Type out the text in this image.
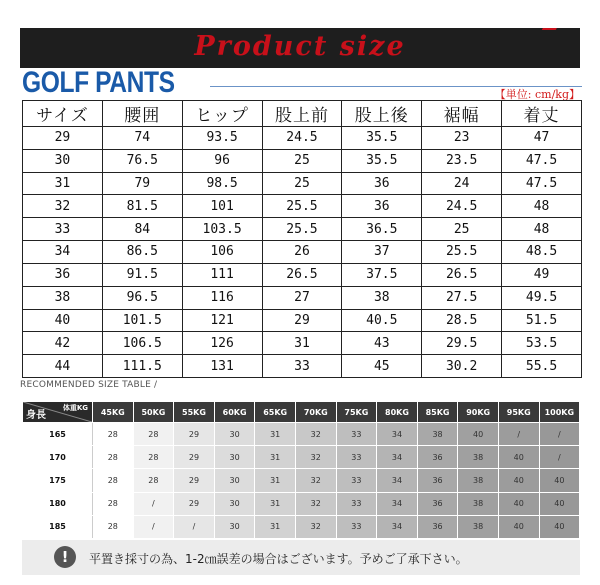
Product size
GOLF PANTS	【単位: cm/kg】
サイズ	腰囲	ヒップ	股上前	股上後	裾幅	着丈
29	74	93.5	24.5	35.5	23	47
30	76.5	96	25	35.5	23.5	47.5
31	79	98.5	25	36	24	47.5
32	81.5	101	25.5	36	24.5	48
33	84	103.5	25.5	36.5	25	48
34	86.5	106	26	37	25.5	48.5
36	91.5	111	26.5	37.5	26.5	49
38	96.5	116	27	38	27.5	49.5
40	101.5	121	29	40.5	28.5	51.5
42	106.5	126	31	43	29.5	53.5
44	111.5	131	33	45	30.2	55.5
RECOMMENDED SIZE TABLE /
体重KG
身長	45KG	50KG	55KG	60KG	65KG	70KG	75KG	80KG	85KG	90KG	95KG	100KG
165	28	28	29	30	31	32	33	34	38	40	/	/
170	28	28	29	30	31	32	33	34	36	38	40	/
175	28	28	29	30	31	32	33	34	36	38	40	40
180	28	/	29	30	31	32	33	34	36	38	40	40
185	28	/	/	30	31	32	33	34	36	38	40	40
!	平置き採寸の為、1-2㎝誤差の場合はございます。予めご了承下さい。
